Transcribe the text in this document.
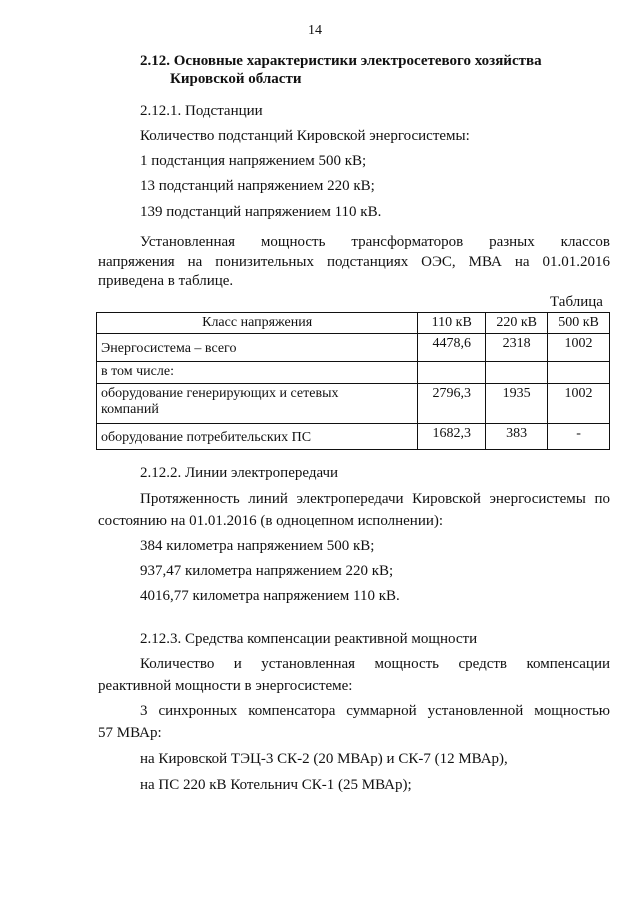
14
2.12. Основные характеристики электросетевого хозяйства
Кировской области
2.12.1. Подстанции
Количество подстанций Кировской энергосистемы:
1 подстанция напряжением 500 кВ;
13 подстанций напряжением 220 кВ;
139 подстанций напряжением 110 кВ.
Установленная мощность трансформаторов разных классов
напряжения на понизительных подстанциях ОЭС, МВА на 01.01.2016
приведена в таблице.
Таблица
Класс напряжения	110 кВ	220 кВ	500 кВ
Энергосистема – всего	4478,6	2318	1002
в том числе:			
оборудование генерирующих и сетевых компаний	2796,3	1935	1002
оборудование потребительских ПС	1682,3	383	-
2.12.2. Линии электропередачи
Протяженность линий электропередачи Кировской энергосистемы по
состоянию на 01.01.2016 (в одноцепном исполнении):
384 километра напряжением 500 кВ;
937,47 километра напряжением 220 кВ;
4016,77 километра напряжением 110 кВ.
2.12.3. Средства компенсации реактивной мощности
Количество и установленная мощность средств компенсации
реактивной мощности в энергосистеме:
3 синхронных компенсатора суммарной установленной мощностью
57 МВАр:
на Кировской ТЭЦ-3 СК-2 (20 МВАр) и СК-7 (12 МВАр),
на ПС 220 кВ Котельнич СК-1 (25 МВАр);
